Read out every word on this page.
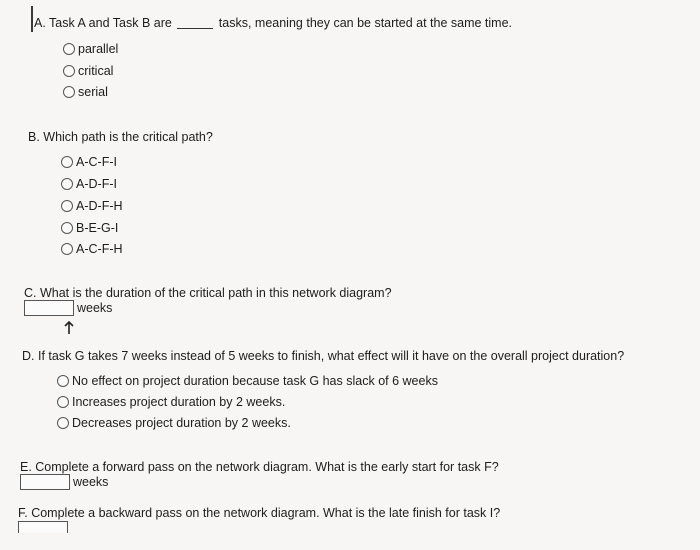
A. Task A and Task B are	tasks, meaning they can be started at the same time.
parallel
critical
serial
B. Which path is the critical path?
A-C-F-I
A-D-F-I
A-D-F-H
B-E-G-I
A-C-F-H
C. What is the duration of the critical path in this network diagram?
weeks
D. If task G takes 7 weeks instead of 5 weeks to finish, what effect will it have on the overall project duration?
No effect on project duration because task G has slack of 6 weeks
Increases project duration by 2 weeks.
Decreases project duration by 2 weeks.
E. Complete a forward pass on the network diagram. What is the early start for task F?
weeks
F. Complete a backward pass on the network diagram. What is the late finish for task I?
